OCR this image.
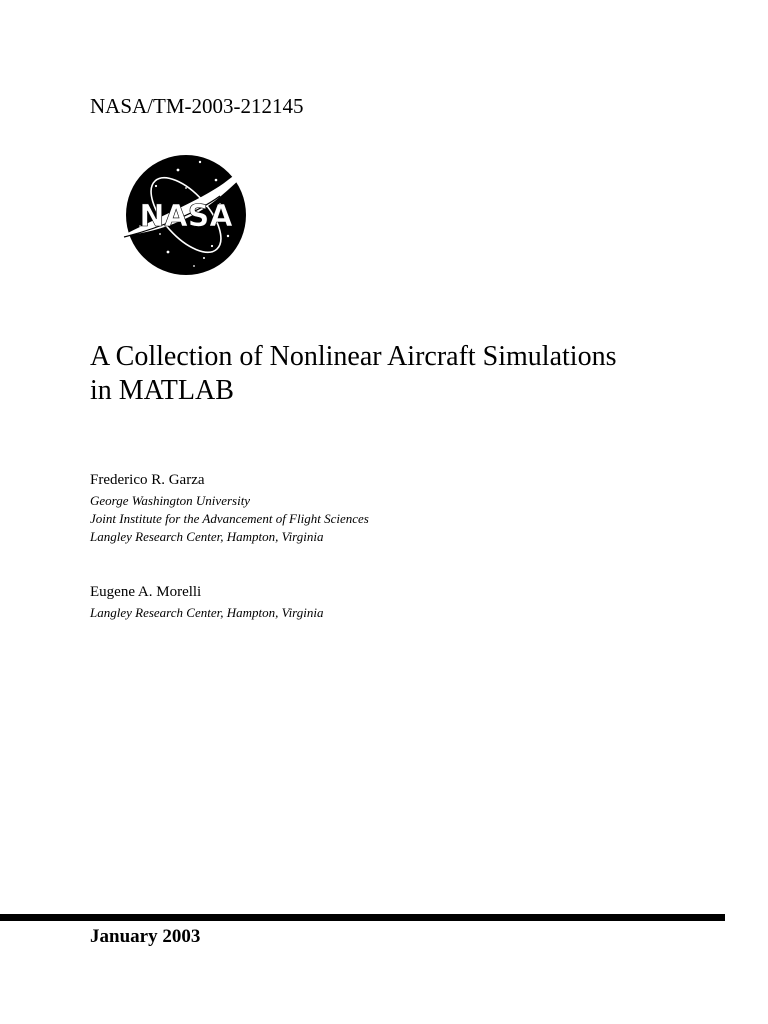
NASA/TM-2003-212145
NASA
A Collection of Nonlinear Aircraft Simulations
in MATLAB

Frederico R. Garza

George Washington University

Joint Institute for the Advancement of Flight Sciences

Langley Research Center, Hampton, Virginia

Eugene A. Morelli

Langley Research Center, Hampton, Virginia

January 2003
